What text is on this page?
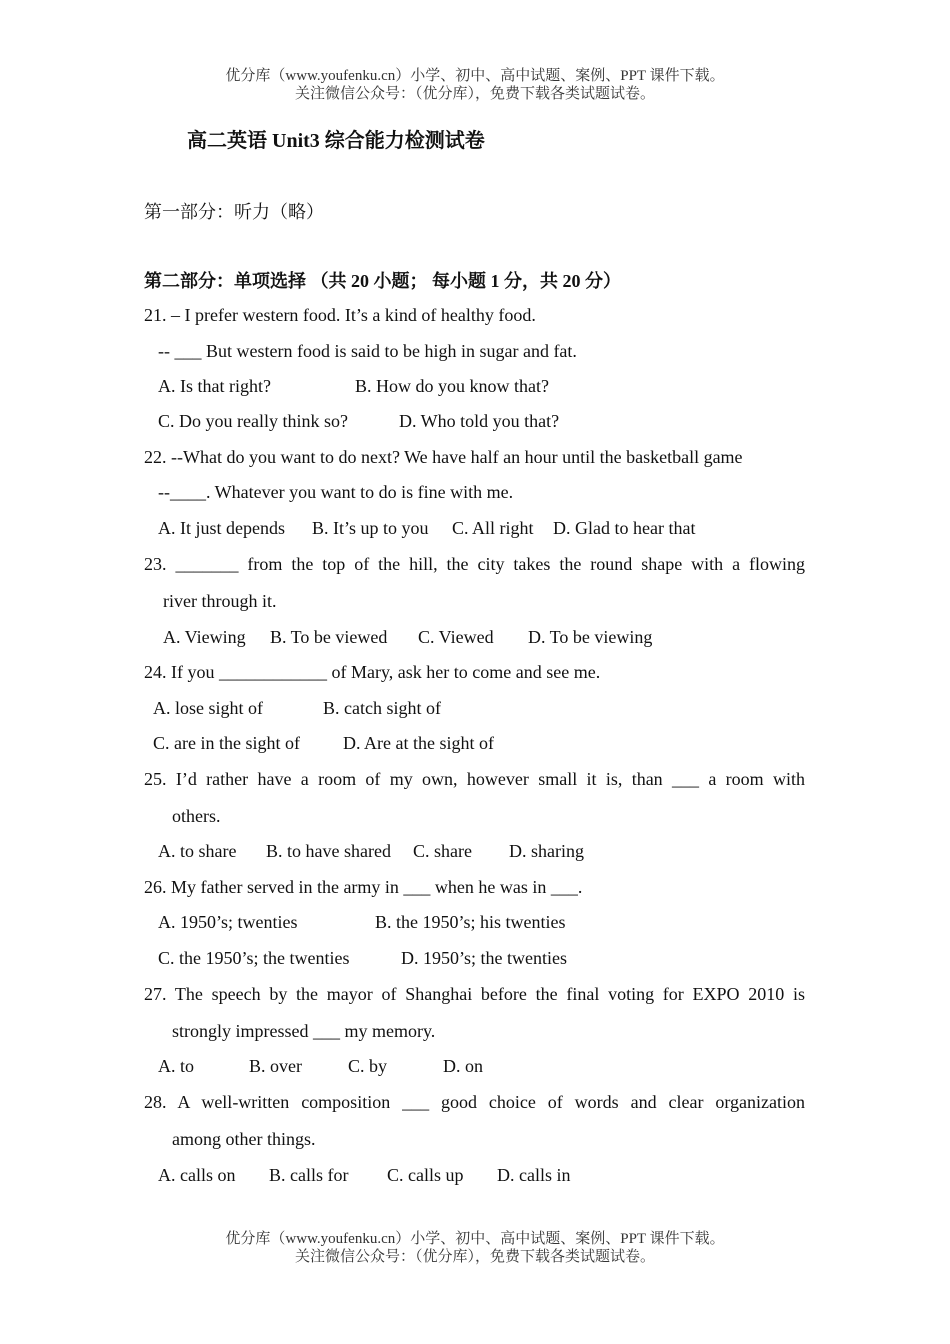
优分库（www.youfenku.cn）小学、初中、高中试题、案例、PPT 课件下载。
关注微信公众号：（优分库），免费下载各类试题试卷。
高二英语 Unit3 综合能力检测试卷
第一部分：听力（略）
第二部分：单项选择 （共 20 小题； 每小题 1 分，共 20 分）
21. – I prefer western food. It’s a kind of healthy food.
-- ___ But western food is said to be high in sugar and fat.
A. Is that right?	B. How do you know that?
C. Do you really think so?	D. Who told you that?
22. --What do you want to do next? We have half an hour until the basketball game
--____. Whatever you want to do is fine with me.
A. It just depends B. It’s up to you C. All right D. Glad to hear that
23. _______ from the top of the hill, the city takes the round shape with a flowing
river through it.
A. Viewing B. To be viewed C. Viewed D. To be viewing
24. If you ____________ of Mary, ask her to come and see me.
A. lose sight of	B. catch sight of
C. are in the sight of D. Are at the sight of
25. I’d rather have a room of my own, however small it is, than ___ a room with
others.
A. to share B. to have shared C. share D. sharing
26. My father served in the army in ___ when he was in ___.
A. 1950’s; twenties	B. the 1950’s; his twenties
C. the 1950’s; the twenties	D. 1950’s; the twenties
27. The speech by the mayor of Shanghai before the final voting for EXPO 2010 is
strongly impressed ___ my memory.
A. to	B. over	C. by	D. on
28. A well-written composition ___ good choice of words and clear organization
among other things.
A. calls on B. calls for C. calls up D. calls in
优分库（www.youfenku.cn）小学、初中、高中试题、案例、PPT 课件下载。
关注微信公众号：（优分库），免费下载各类试题试卷。
